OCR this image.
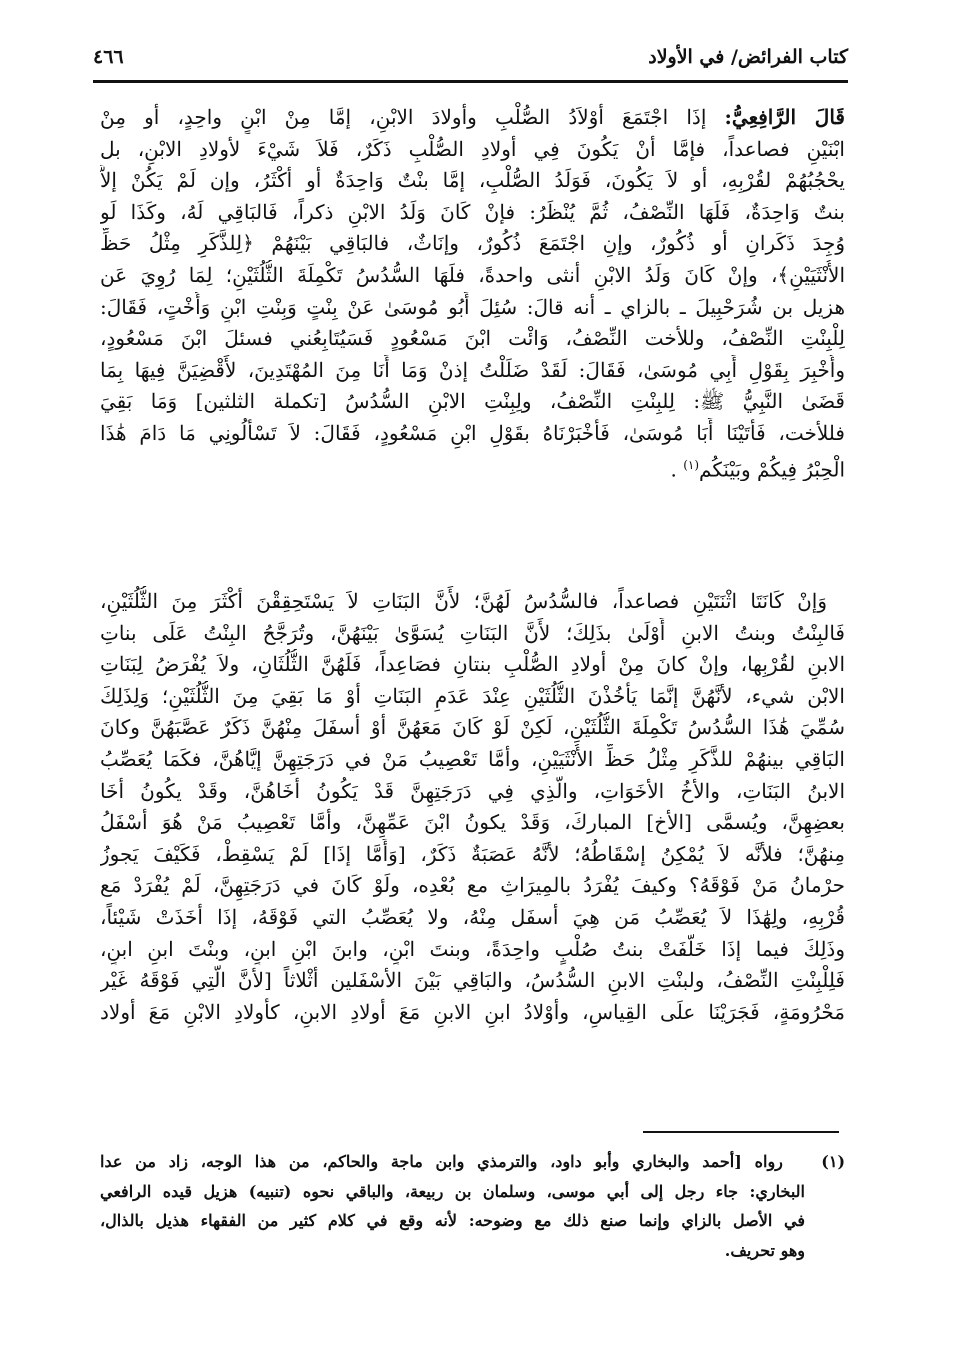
كتاب الفرائض/ في الأولاد
٤٦٦
قَالَ الرَّافِعِيُّ: إذَا اجْتَمَعَ أوْلاَدُ الصُّلْبِ وأولادَ الابْنِ، إمَّا مِنْ ابْنٍ واحِدٍ، أو مِنْ
ابْنَيْنِ فصاعداً، فإمَّا أنْ يَكُونَ فِي أولادِ الصُّلْبِ ذَكَرٌ، فَلاَ شَيْءَ لأولادِ الابْنِ، بل
يحْجُبُهُمْ لقُرْبِهِ، أو لاَ يَكُونَ، فَوَلَدُ الصُّلْبِ، إمَّا بنْتٌ وَاحِدَةٌ أو أكْثَرُ، وإن لَمْ يَكُنْ إلاَّ
بنتٌ وَاحِدَةٌ، فَلَهَا النِّصْفُ، ثُمَّ يُنْظَرُ: فإنْ كَانَ وَلَدُ الابْنِ ذكراً، فَالبَاقِي لَهُ، وكَذَا لَو
وُجِدَ ذَكَرانِ أو ذُكُورٌ، وإنِ اجْتَمَعَ ذُكُورٌ، وإنَاثٌ، فالبَاقِي بَيْنَهُمْ ﴿لِلذَّكَرِ مِثْلُ حَظِّ
الأُنْثَيَيْنِ﴾، وإنْ كَانَ وَلَدُ الابْنِ أنثى واحدةً، فلَهَا السُّدُسُ تَكْمِلَةَ الثُّلُثَيْنِ؛ لِمَا رُوِيَ عَن
هزيل بن شُرَحْبِيلَ ـ بالزاي ـ أنه قالَ: سُئِلَ أَبُو مُوسَىٰ عَنْ بِنْتٍ وَبِنْتِ ابْنٍ وَأُخْتٍ، فَقَالَ:
لِلْبِنْتِ النِّصْفُ، وللأخت النِّصْفُ، وَائْت ابْنَ مَسْعُودٍ فَسَيُتَابِعُني فسئلَ ابْنَ مَسْعُودٍ،
وأُخْبِرَ بِقَوْلِ أَبِي مُوسَىٰ، فَقَالَ: لَقَدْ ضَلَلْتُ إذنْ وَمَا أَنَا مِنَ المُهْتَدِينَ، لأَقْضِيَنَّ فِيهَا بِمَا
قَضَىٰ النَّبِيُّ ﷺ: لِلبِنْتِ النِّصْفُ، ولِبِنْتِ الابْنِ السُّدُسُ [تكملة الثلثين] وَمَا بَقِيَ
فللأخت، فَأَتَيْنَا أَبَا مُوسَىٰ، فَأَخْبَرْنَاهُ بقَوْلِ ابْنِ مَسْعُودٍ، فَقَالَ: لاَ تَسْأَلُونِي مَا دَامَ هَٰذَا
الْحِبْرُ فِيكُمْ وبَيْنَكُم$^{(١)}$ .
وَإنْ كَانَتَا اثْنَتَيْنِ فصاعداً، فالسُّدُسُ لَهُنَّ؛ لأَنَّ البَنَاتِ لاَ يَسْتَحِقِقْنَ أكْثَرَ مِنَ الثُّلُثَيْنِ،
فَالبِنْتُ وبنتُ الابنِ أَوْلَىٰ بذَلِكَ؛ لأَنَّ البَنَاتِ يُسَوَّىٰ بَيْنَهُنَّ، وتُرَجَّحُ البِنْتُ عَلَى بناتِ
الابنِ لقُرْبِها، وإنْ كانَ مِنْ أولادِ الصُّلْبِ بنتانِ فصَاعِداً، فَلَهُنَّ الثُّلُثَانِ، ولاَ يُفْرَضُ لِبَنَاتِ
الابْن شيء، لأنَّهُنَّ إنَّمَا يَأْخُذْنَ الثُّلُثَيْنِ عِنْدَ عَدَمِ البَنَاتِ أوْ مَا بَقِيَ مِنَ الثُّلُثَيْنِ؛ وَلِذَلِكَ
سُمِّيَ هَٰذَا السُّدُسُ تَكْمِلَةَ الثُّلُثَيْنِ، لَكِنْ لَوْ كَانَ مَعَهُنَّ أوْ أسفَلَ مِنْهُنَّ ذَكَرٌ عَصَّبَهُنَّ وكانَ
البَاقِي بينهُمْ للذَّكَرِ مِثْلُ حَظِّ الأُنْثَيَيْنِ، وأمَّا تَعْصِيبُ مَنْ في دَرَجَتِهِنَّ إيَّاهُنَّ، فكَمَا يُعَصِّبُ
الابنُ البَنَاتِ، والأخُ الأخَوَاتِ، والَّذِي فِي دَرَجَتِهِنَّ قَدْ يَكُونُ أخَاهُنَّ، وقَدْ يكُونُ أخَا
بعضِهِنَّ، ويُسمَّى [الأخ] المباركَ، وَقَدْ يكونُ ابْنَ عَمِّهِنَّ، وأمَّا تَعْصِيبُ مَنْ هُوَ أسْفَلُ
مِنهُنَّ؛ فلأنَّه لاَ يُمْكِنُ إسْقَاطُهُ؛ لأنَّهُ عَصَبَةٌ ذَكَرٌ، [وَأَمَّا إذَا] لَمْ يَسْقِطْ، فَكَيْفَ يَجوزُ
حرْمانُ مَنْ فَوْقَهُ؟ وكيفَ يُفْرَدُ بالمِيرَاثِ مع بُعْدِه، ولَوْ كَانَ في دَرَجَتِهِنَّ، لَمْ يُفْرَدْ مَع
قُرْبِهِ، ولِهَٰذَا لاَ يُعَصِّبُ مَن هِيَ أسفَل مِنْهُ، ولا يُعَصِّبُ التي فَوْقَهُ، إذَا أخَذَتْ شَيْئاً،
وذَلِكَ فيما إذَا خَلَّفَتْ بنتُ صُلْبٍ واحِدَةً، وبنتَ ابْنٍ، وابنَ ابْنِ ابنٍ، وبنْتَ ابنِ ابنٍ،
فَلِلْبِنْتِ النِّصْفُ، ولبنْتِ الابنِ السُّدُسُ، والبَاقِي بَيْنَ الأسْفَلين أثْلاثاً [لأنَّ الَّتِي فَوْقَهُ غَيْر
مَحْرُومَةٍ، فَجَرَيْنَا علَى القِياسِ، وأوْلادُ ابنِ الابنِ مَعَ أولادِ الابنِ، كأولادِ الابْنِ مَعَ أولاد
(١)   رواه [أحمد والبخاري وأبو داود، والترمذي وابن ماجة والحاكم، من هذا الوجه، زاد من عدا
البخاري: جاء رجل إلى أبي موسى، وسلمان بن ربيعة، والباقي نحوه (تنبيه) هزيل قيده الرافعي
في الأصل بالزاي وإنما صنع ذلك مع وضوحه: لأنه وقع في كلام كثير من الفقهاء هذيل بالذال،
وهو تحريف.
